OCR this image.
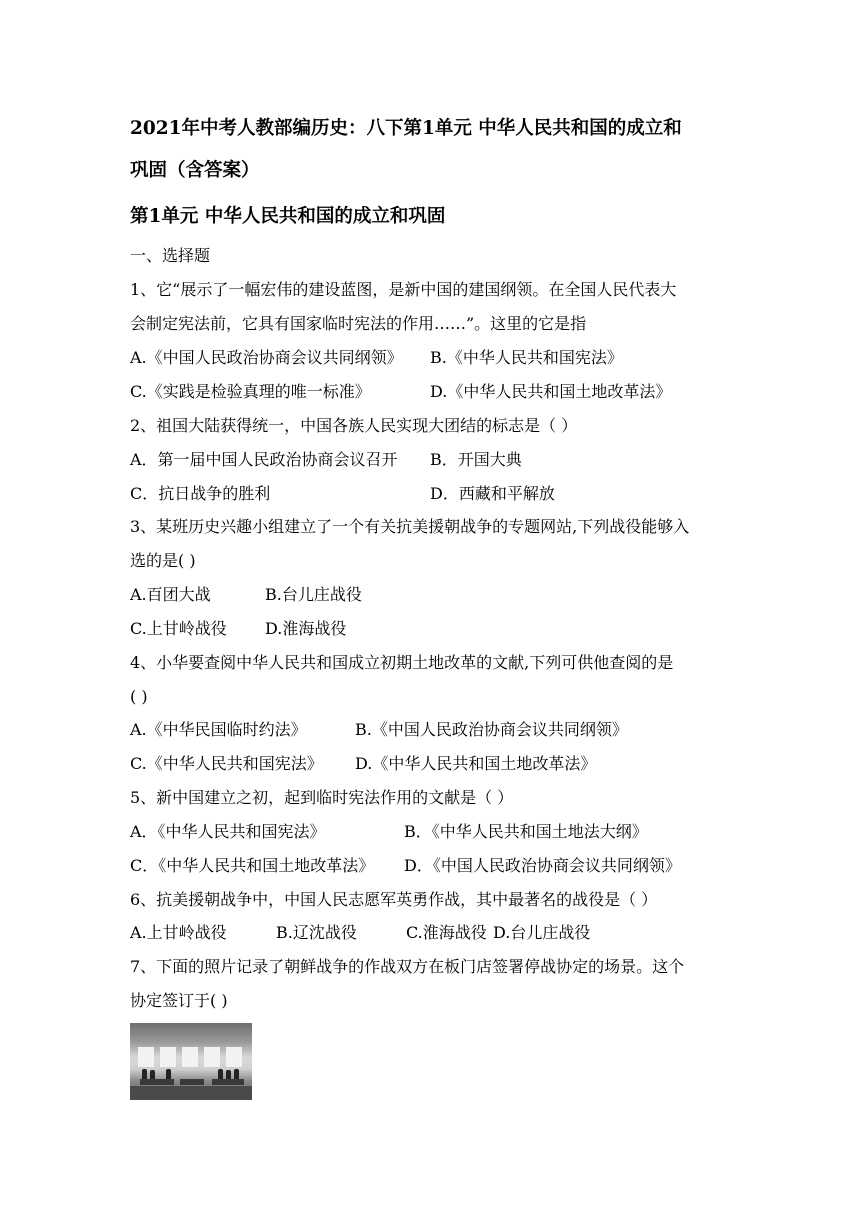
2021年中考人教部编历史：八下第1单元 中华人民共和国的成立和
巩固（含答案）
第1单元 中华人民共和国的成立和巩固
一、选择题
1、它“展示了一幅宏伟的建设蓝图，是新中国的建国纲领。在全国人民代表大
会制定宪法前，它具有国家临时宪法的作用……”。这里的它是指
A.《中国人民政治协商会议共同纲领》 B.《中华人民共和国宪法》
C.《实践是检验真理的唯一标准》	D.《中华人民共和国土地改革法》
2、祖国大陆获得统一，中国各族人民实现大团结的标志是（ ）
A．第一届中国人民政治协商会议召开 B．开国大典
C．抗日战争的胜利	D．西藏和平解放
3、某班历史兴趣小组建立了一个有关抗美援朝战争的专题网站,下列战役能够入
选的是( )
A.百团大战	B.台儿庄战役
C.上甘岭战役 D.淮海战役
4、小华要查阅中华人民共和国成立初期土地改革的文献,下列可供他查阅的是
( )
A.《中华民国临时约法》	B.《中国人民政治协商会议共同纲领》
C.《中华人民共和国宪法》 D.《中华人民共和国土地改革法》
5、新中国建立之初，起到临时宪法作用的文献是（ ）
A．《中华人民共和国宪法》	B．《中华人民共和国土地法大纲》
C．《中华人民共和国土地改革法》 D．《中国人民政治协商会议共同纲领》
6、抗美援朝战争中，中国人民志愿军英勇作战，其中最著名的战役是（ ）
A.上甘岭战役	B.辽沈战役	C.淮海战役 D.台儿庄战役
7、下面的照片记录了朝鲜战争的作战双方在板门店签署停战协定的场景。这个
协定签订于( )
